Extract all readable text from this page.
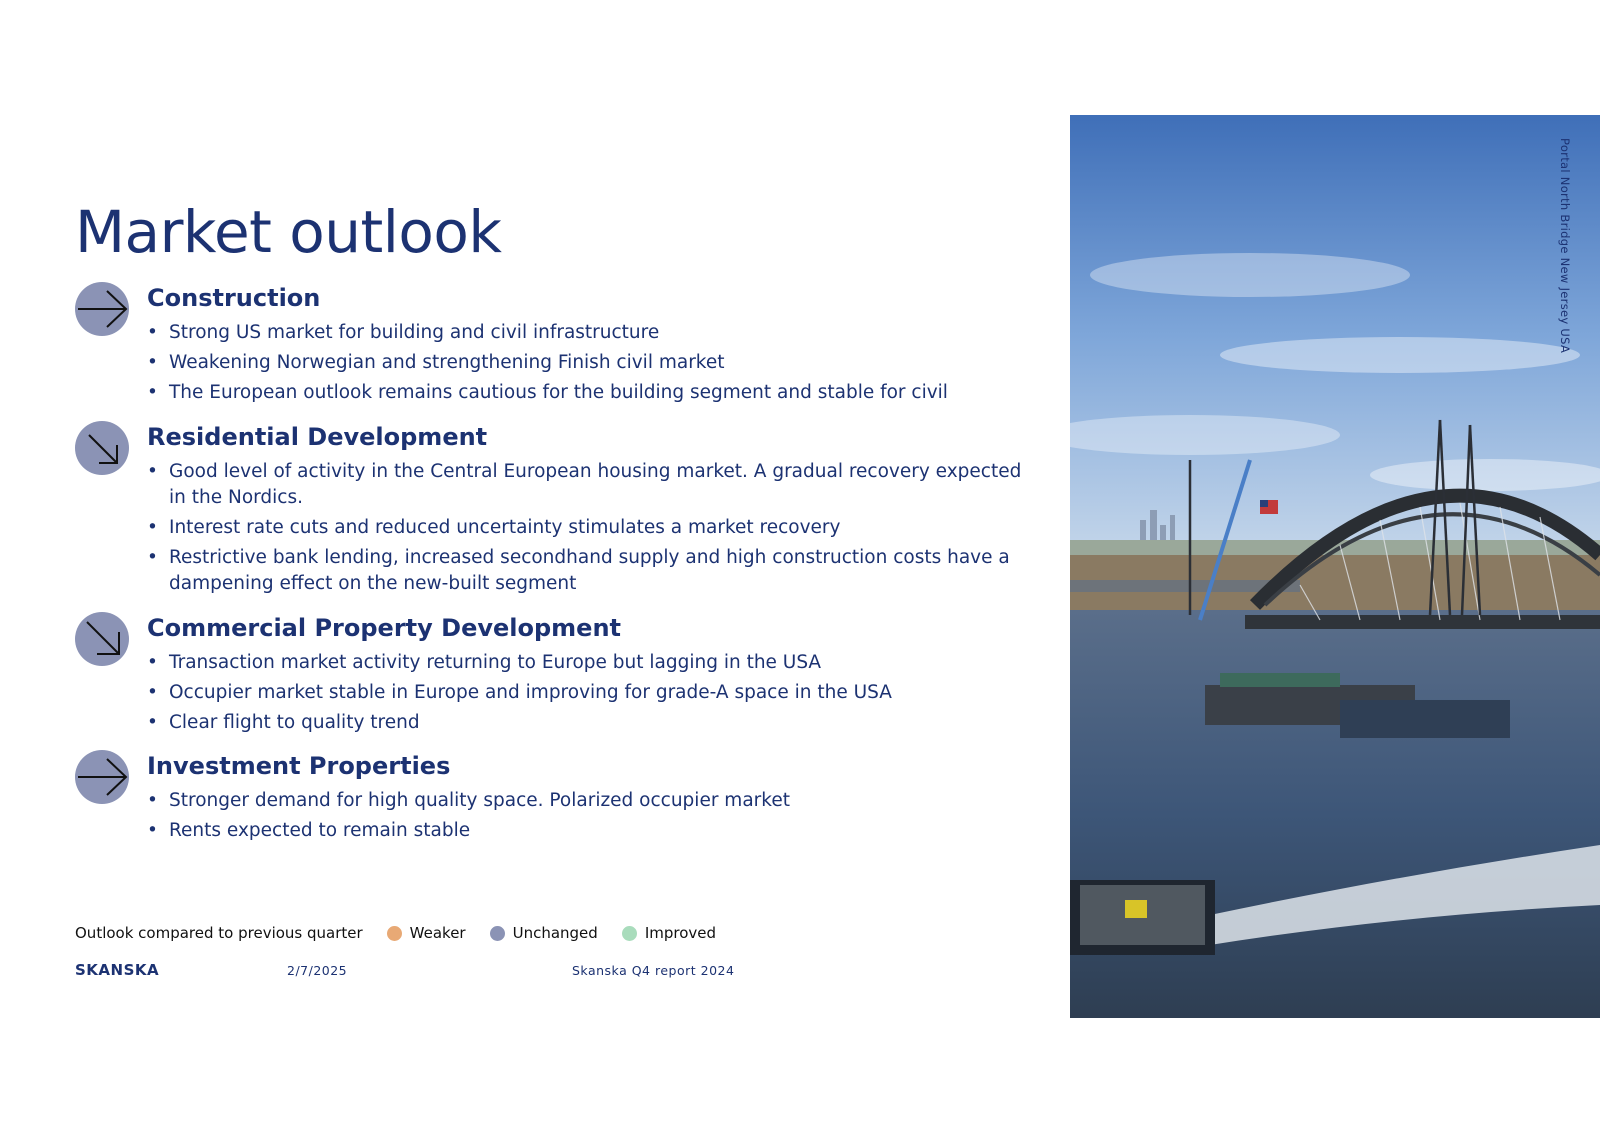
Market outlook
Construction
• Strong US market for building and civil infrastructure
• Weakening Norwegian and strengthening Finish civil market
• The European outlook remains cautious for the building segment and stable for civil
Residential Development
• Good level of activity in the Central European housing market. A gradual recovery expected in the Nordics.
• Interest rate cuts and reduced uncertainty stimulates a market recovery
• Restrictive bank lending, increased secondhand supply and high construction costs have a dampening effect on the new-built segment
Commercial Property Development
• Transaction market activity returning to Europe but lagging in the USA
• Occupier market stable in Europe and improving for grade-A space in the USA
• Clear flight to quality trend
Investment Properties
• Stronger demand for high quality space. Polarized occupier market
• Rents expected to remain stable
Outlook compared to previous quarter	Weaker	Unchanged	Improved
SKANSKA	2/7/2025	Skanska Q4 report 2024
Portal North Bridge New Jersey USA
